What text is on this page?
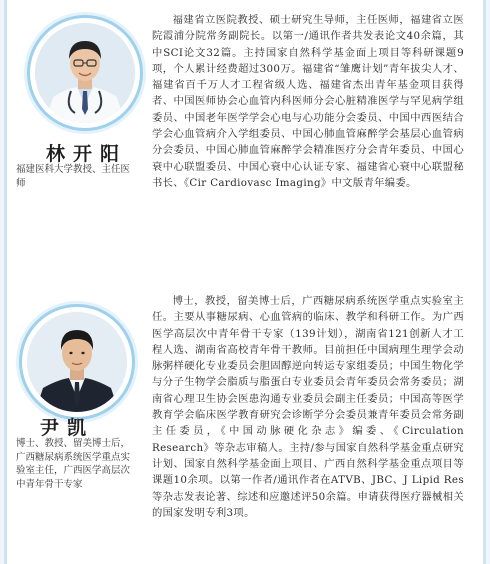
林开阳
福建医科大学教授、主任医师

福建省立医院教授、硕士研究生导师，主任医师，福建省立医院霞浦分院常务副院长。以第一/通讯作者共发表论文40余篇，其中SCI论文32篇。主持国家自然科学基金面上项目等科研课题9项，个人累计经费超过300万。福建省“雏鹰计划”青年拔尖人才、福建省百千万人才工程省级人选、福建省杰出青年基金项目获得者、中国医师协会心血管内科医师分会心脏精准医学与罕见病学组委员、中国老年医学学会心电与心功能分会委员、中国中西医结合学会心血管病介入学组委员、中国心肺血管麻醉学会基层心血管病分会委员、中国心肺血管麻醉学会精准医疗分会青年委员、中国心衰中心联盟委员、中国心衰中心认证专家、福建省心衰中心联盟秘书长、《Cir Cardiovasc Imaging》中文版青年编委。

尹凯
博士、教授、留美博士后，广西糖尿病系统医学重点实验室主任，广西医学高层次中青年骨干专家

博士，教授，留美博士后，广西糖尿病系统医学重点实验室主任。主要从事糖尿病、心血管病的临床、教学和科研工作。为广西医学高层次中青年骨干专家（139计划），湖南省121创新人才工程人选、湖南省高校青年骨干教师。目前担任中国病理生理学会动脉粥样硬化专业委员会胆固醇逆向转运专家组委员；中国生物化学与分子生物学会脂质与脂蛋白专业委员会青年委员会常务委员；湖南省心理卫生协会医患沟通专业委员会副主任委员；中国高等医学教育学会临床医学教育研究会诊断学分会委员兼青年委员会常务副主任委员，《中国动脉硬化杂志》编委、《Circulation Research》等杂志审稿人。主持/参与国家自然科学基金重点研究计划、国家自然科学基金面上项目、广西自然科学基金重点项目等课题10余项。以第一作者/通讯作者在ATVB、JBC、J Lipid Res等杂志发表论著、综述和应邀述评50余篇。申请获得医疗器械相关的国家发明专利3项。
